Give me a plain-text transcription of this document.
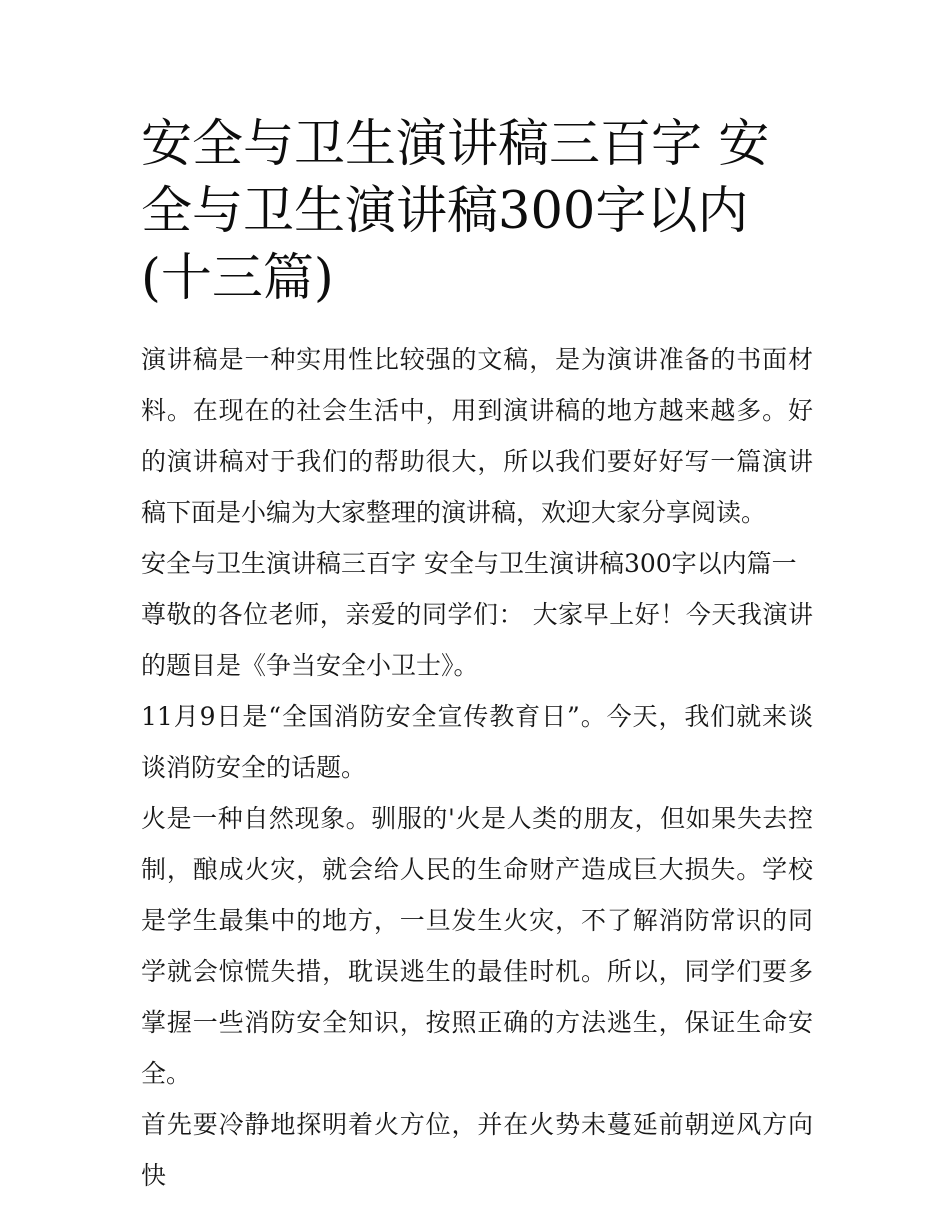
安全与卫生演讲稿三百字 安全与卫生演讲稿300字以内(十三篇)

演讲稿是一种实用性比较强的文稿，是为演讲准备的书面材料。在现在的社会生活中，用到演讲稿的地方越来越多。好的演讲稿对于我们的帮助很大，所以我们要好好写一篇演讲稿下面是小编为大家整理的演讲稿，欢迎大家分享阅读。

安全与卫生演讲稿三百字 安全与卫生演讲稿300字以内篇一

尊敬的各位老师，亲爱的同学们： 大家早上好！今天我演讲的题目是《争当安全小卫士》。

11月9日是“全国消防安全宣传教育日”。今天，我们就来谈谈消防安全的话题。

火是一种自然现象。驯服的'火是人类的朋友，但如果失去控制，酿成火灾，就会给人民的生命财产造成巨大损失。学校是学生最集中的地方，一旦发生火灾，不了解消防常识的同学就会惊慌失措，耽误逃生的最佳时机。所以，同学们要多掌握一些消防安全知识，按照正确的方法逃生，保证生命安全。

首先要冷静地探明着火方位，并在火势未蔓延前朝逆风方向快
